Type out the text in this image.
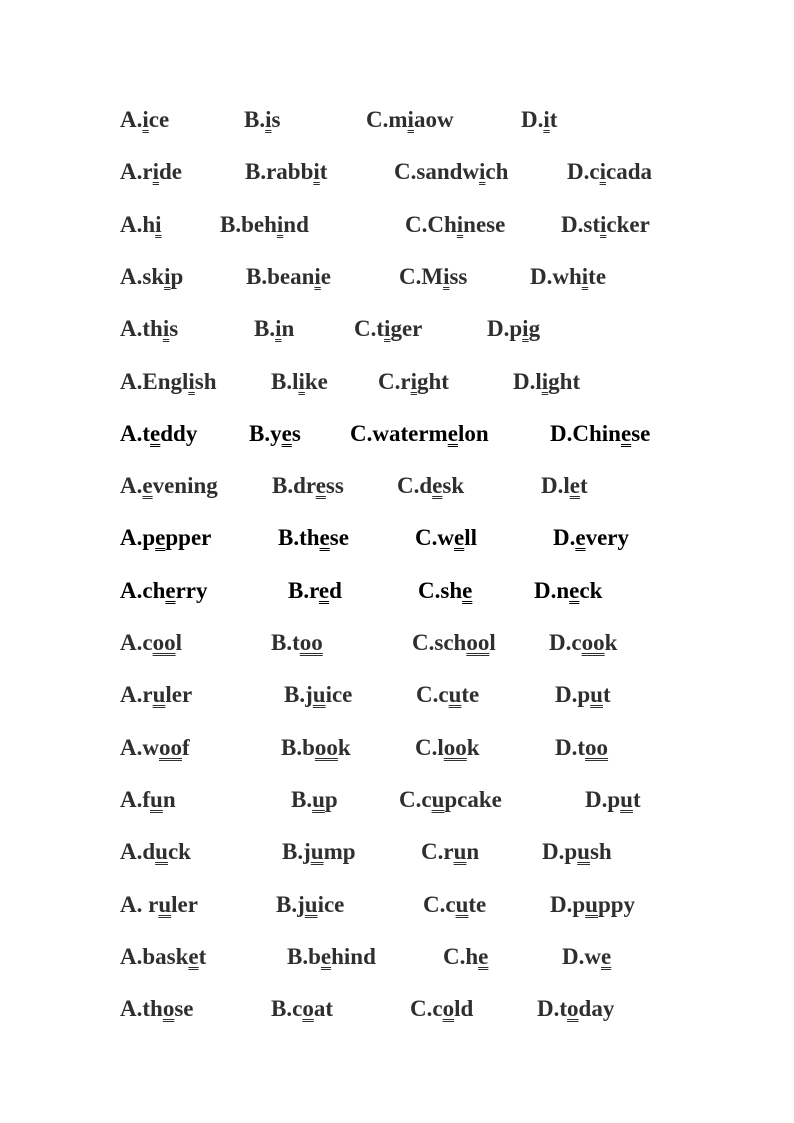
A.ice	B.is	C.miaow	D.it
A.ride	B.rabbit	C.sandwich	D.cicada
A.hi	B.behind	C.Chinese D.sticker
A.skip	B.beanie	C.Miss	D.white
A.this	B.in	C.tiger	D.pig
A.English B.like C.right	D.light
A.teddy B.yes C.watermelon	D.Chinese
A.evening B.dress C.desk	D.let
A.pepper	B.these	C.well	D.every
A.cherry	B.red	C.she	D.neck
A.cool	B.too	C.school D.cook
A.ruler	B.juice	C.cute	D.put
A.woof	B.book	C.look	D.too
A.fun	B.up	C.cupcake	D.put
A.duck	B.jump	C.run	D.push
A. ruler	B.juice	C.cute	D.puppy
A.basket	B.behind	C.he	D.we
A.those	B.coat	C.cold	D.today
